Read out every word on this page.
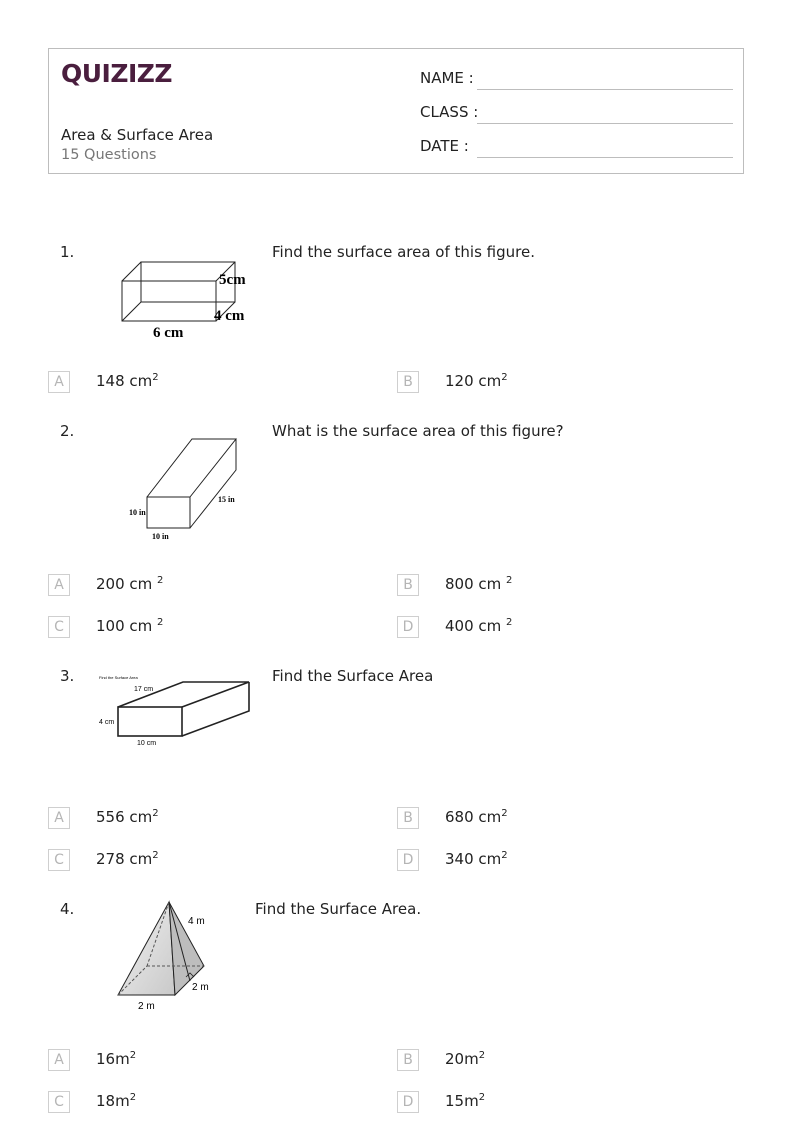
QUIZIZZ
Area & Surface Area
15 Questions
NAME :
CLASS :
DATE :
1.	Find the surface area of this figure.
5cm
4 cm
6 cm
A	148 $cm^2$	B	120 $cm^2$
2.	What is the surface area of this figure?
10 in
15 in
10 in
A	200 cm $^2$	B	800 cm $^2$
C	100 cm $^2$	D	400 cm $^2$
3.	Find the Surface Area
Find the Surface Area
17 cm
4 cm
10 cm
A	556 $cm^2$	B	680 $cm^2$
C	278 $cm^2$	D	340 $cm^2$
4.	Find the Surface Area.
4 m
2 m
2 m
A	$16m^2$	B	$20m^2$
C	$18m^2$	D	$15m^2$
